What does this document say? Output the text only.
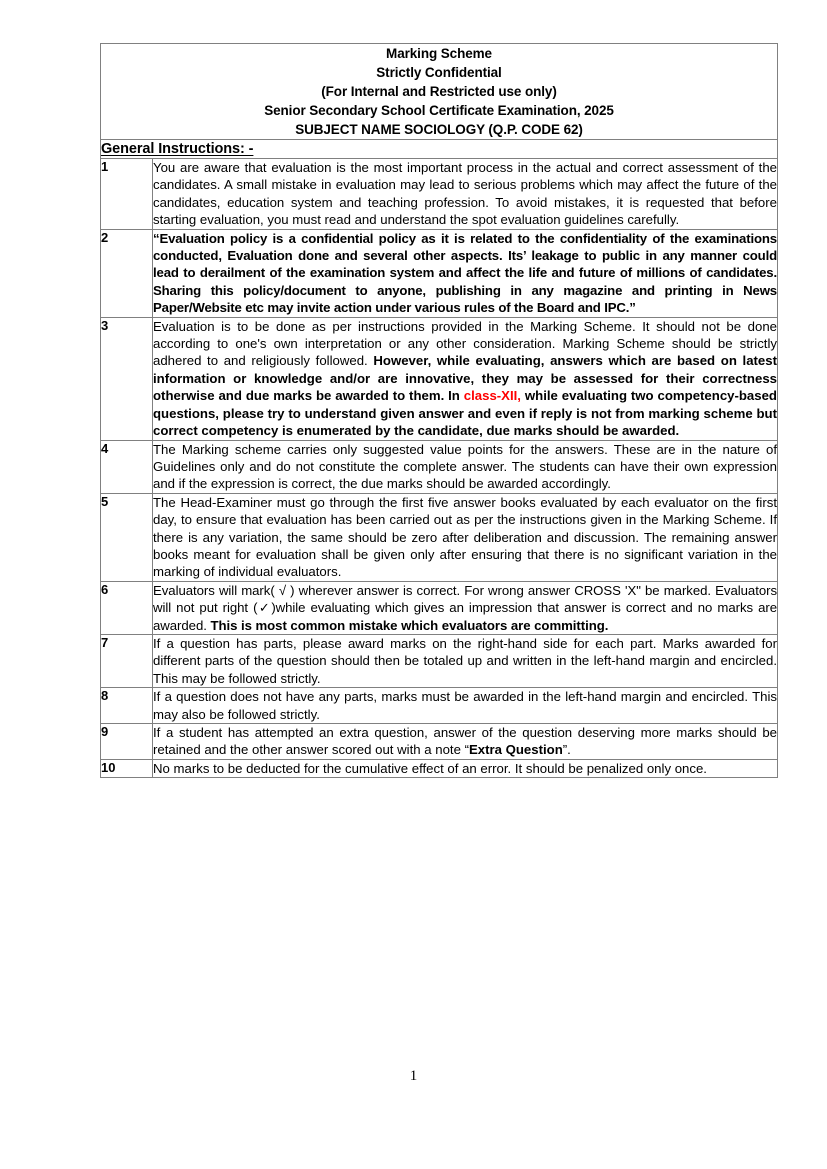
Marking Scheme
Strictly Confidential
(For Internal and Restricted use only)
Senior Secondary School Certificate Examination, 2025
SUBJECT NAME SOCIOLOGY (Q.P. CODE 62)	

General Instructions: -	
1	You are aware that evaluation is the most important process in the actual and correct assessment of the candidates. A small mistake in evaluation may lead to serious problems which may affect the future of the candidates, education system and teaching profession. To avoid mistakes, it is requested that before starting evaluation, you must read and understand the spot evaluation guidelines carefully.
2	“Evaluation policy is a confidential policy as it is related to the confidentiality of the examinations conducted, Evaluation done and several other aspects. Its’ leakage to public in any manner could lead to derailment of the examination system and affect the life and future of millions of candidates. Sharing this policy/document to anyone, publishing in any magazine and printing in News Paper/Website etc may invite action under various rules of the Board and IPC.”
3	Evaluation is to be done as per instructions provided in the Marking Scheme. It should not be done according to one's own interpretation or any other consideration. Marking Scheme should be strictly adhered to and religiously followed. However, while evaluating, answers which are based on latest information or knowledge and/or are innovative, they may be assessed for their correctness otherwise and due marks be awarded to them. In class-XII, while evaluating two competency-based questions, please try to understand given answer and even if reply is not from marking scheme but correct competency is enumerated by the candidate, due marks should be awarded.
4	The Marking scheme carries only suggested value points for the answers. These are in the nature of Guidelines only and do not constitute the complete answer. The students can have their own expression and if the expression is correct, the due marks should be awarded accordingly.
5	The Head-Examiner must go through the first five answer books evaluated by each evaluator on the first day, to ensure that evaluation has been carried out as per the instructions given in the Marking Scheme. If there is any variation, the same should be zero after deliberation and discussion. The remaining answer books meant for evaluation shall be given only after ensuring that there is no significant variation in the marking of individual evaluators.
6	Evaluators will mark( √ ) wherever answer is correct. For wrong answer CROSS 'X" be marked. Evaluators will not put right (✓)while evaluating which gives an impression that answer is correct and no marks are awarded. This is most common mistake which evaluators are committing.
7	If a question has parts, please award marks on the right-hand side for each part. Marks awarded for different parts of the question should then be totaled up and written in the left-hand margin and encircled. This may be followed strictly.
8	If a question does not have any parts, marks must be awarded in the left-hand margin and encircled. This may also be followed strictly.
9	If a student has attempted an extra question, answer of the question deserving more marks should be retained and the other answer scored out with a note “Extra Question”.
10	No marks to be deducted for the cumulative effect of an error. It should be penalized only once.
1
